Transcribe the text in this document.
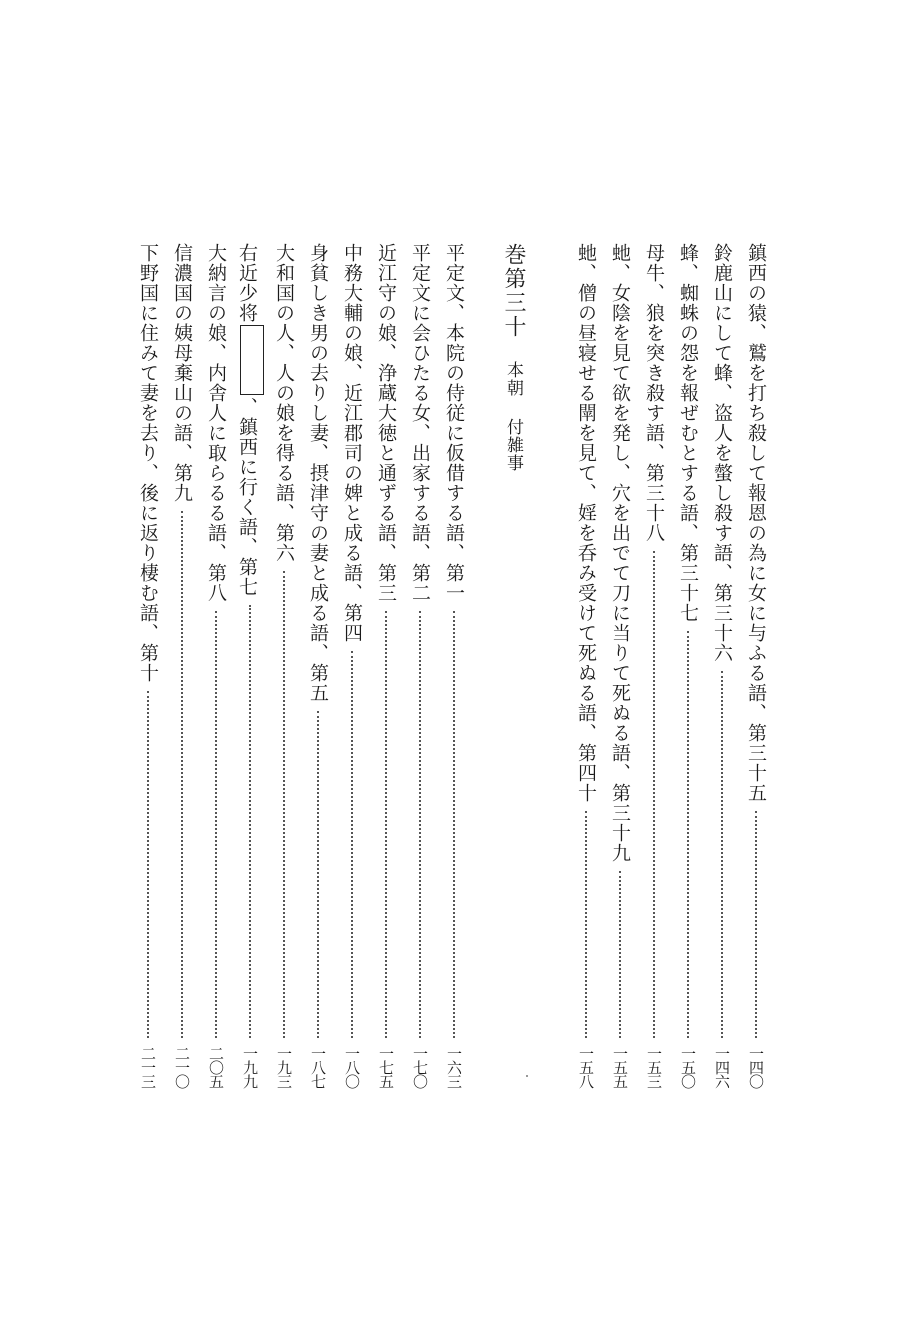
鎮西の猿、鷲を打ち殺して報恩の為に女に与ふる語、第三十五
一四〇
鈴鹿山にして蜂、盗人を螫し殺す語、第三十六
一四六
蜂、蜘蛛の怨を報ぜむとする語、第三十七
一五〇
母牛、狼を突き殺す語、第三十八
一五三
虵、女陰を見て欲を発し、穴を出でて刀に当りて死ぬる語、第三十九
一五五
虵、僧の昼寝せる閛を見て、婬を呑み受けて死ぬる語、第四十
一五八
巻第三十本朝 付雑事
平定文、本院の侍従に仮借する語、第一
一六三
平定文に会ひたる女、出家する語、第二
一七〇
近江守の娘、浄蔵大徳と通ずる語、第三
一七五
中務大輔の娘、近江郡司の婢と成る語、第四
一八〇
身貧しき男の去りし妻、摂津守の妻と成る語、第五
一八七
大和国の人、人の娘を得る語、第六
一九三
右近少将、鎮西に行く語、第七
一九九
大納言の娘、内舎人に取らるる語、第八
二〇五
信濃国の姨母棄山の語、第九
二一〇
下野国に住みて妻を去り、後に返り棲む語、第十
二一三
